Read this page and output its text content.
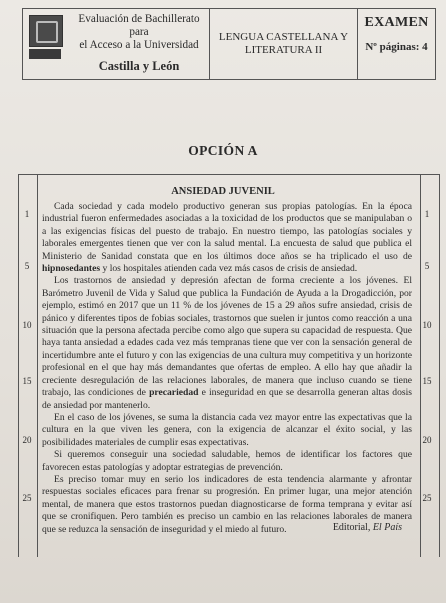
Evaluación de Bachillerato para
el Acceso a la Universidad
Castilla y León
LENGUA CASTELLANA Y
LITERATURA II
EXAMEN
Nº páginas: 4
OPCIÓN A
ANSIEDAD JUVENIL
1
5
10
15
20
25
1
5
10
15
20
25

Cada sociedad y cada modelo productivo generan sus propias patologías. En la época industrial fueron enfermedades asociadas a la toxicidad de los productos que se manipulaban o a las exigencias físicas del puesto de trabajo. En nuestro tiempo, las patologías sociales y laborales emergentes tienen que ver con la salud mental. La encuesta de salud que publica el Ministerio de Sanidad constata que en los últimos doce años se ha triplicado el uso de hipnosedantes y los hospitales atienden cada vez más casos de crisis de ansiedad.

Los trastornos de ansiedad y depresión afectan de forma creciente a los jóvenes. El Barómetro Juvenil de Vida y Salud que publica la Fundación de Ayuda a la Drogadicción, por ejemplo, estimó en 2017 que un 11 % de los jóvenes de 15 a 29 años sufre ansiedad, crisis de pánico y diferentes tipos de fobias sociales, trastornos que suelen ir juntos como reacción a una situación que la persona afectada percibe como algo que supera su capacidad de respuesta. Que haya tanta ansiedad a edades cada vez más tempranas tiene que ver con la sensación general de incertidumbre ante el futuro y con las exigencias de una cultura muy competitiva y un horizonte profesional en el que hay más demandantes que ofertas de empleo. A ello hay que añadir la creciente desregulación de las relaciones laborales, de manera que incluso cuando se tiene trabajo, las condiciones de precariedad e inseguridad en que se desarrolla generan altas dosis de ansiedad por mantenerlo.

En el caso de los jóvenes, se suma la distancia cada vez mayor entre las expectativas que la cultura en la que viven les genera, con la exigencia de alcanzar el éxito social, y las posibilidades materiales de cumplir esas expectativas.

Si queremos conseguir una sociedad saludable, hemos de identificar los factores que favorecen estas patologías y adoptar estrategias de prevención.

Es preciso tomar muy en serio los indicadores de esta tendencia alarmante y afrontar respuestas sociales eficaces para frenar su progresión. En primer lugar, una mejor atención mental, de manera que estos trastornos puedan diagnosticarse de forma temprana y evitar así que se cronifiquen. Pero también es preciso un cambio en las relaciones laborales de manera que se reduzca la sensación de inseguridad y el miedo al futuro.	Editorial, El País
